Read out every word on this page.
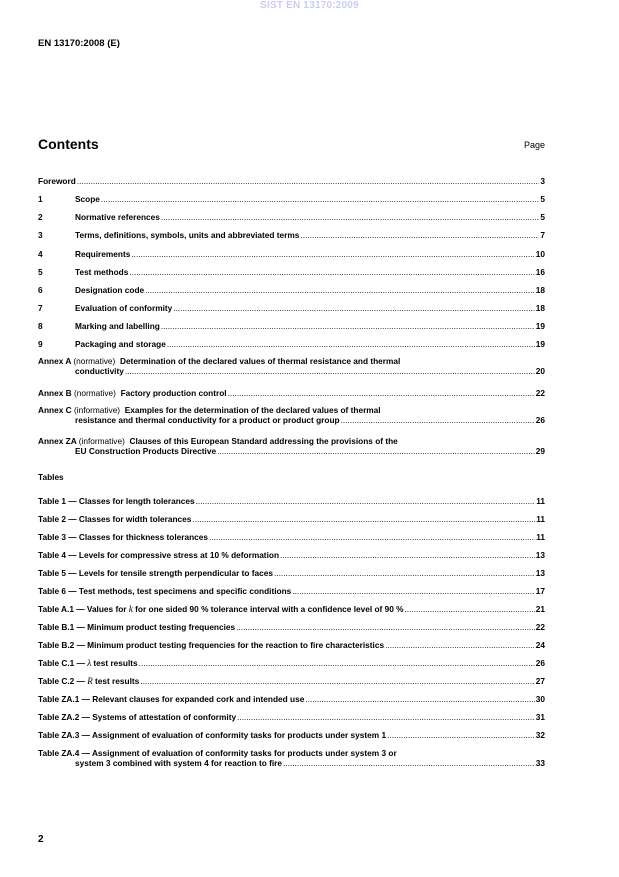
SIST EN 13170:2009
EN 13170:2008 (E)
Contents	Page
Foreword .....	3
1	Scope .....	5
2	Normative references .....	5
3	Terms, definitions, symbols, units and abbreviated terms .....	7
4	Requirements .....	10
5	Test methods .....	16
6	Designation code .....	18
7	Evaluation of conformity .....	18
8	Marking and labelling .....	19
9	Packaging and storage .....	19
Annex A (normative) Determination of the declared values of thermal resistance and thermal
conductivity .....	20
Annex B (normative) Factory production control .....	22
Annex C (informative) Examples for the determination of the declared values of thermal
resistance and thermal conductivity for a product or product group .....	26
Annex ZA (informative) Clauses of this European Standard addressing the provisions of the
EU Construction Products Directive .....	29
Tables
Table 1 — Classes for length tolerances .....	11
Table 2 — Classes for width tolerances .....	11
Table 3 — Classes for thickness tolerances .....	11
Table 4 — Levels for compressive stress at 10 % deformation .....	13
Table 5 — Levels for tensile strength perpendicular to faces .....	13
Table 6 — Test methods, test specimens and specific conditions .....	17
Table A.1 — Values for k for one sided 90 % tolerance interval with a confidence level of 90 % .....	21
Table B.1 — Minimum product testing frequencies .....	22
Table B.2 — Minimum product testing frequencies for the reaction to fire characteristics .....	24
Table C.1 — λ test results .....	26
Table C.2 — R test results .....	27
Table ZA.1 — Relevant clauses for expanded cork and intended use .....	30
Table ZA.2 — Systems of attestation of conformity .....	31
Table ZA.3 — Assignment of evaluation of conformity tasks for products under system 1 .....	32
Table ZA.4 — Assignment of evaluation of conformity tasks for products under system 3 or
system 3 combined with system 4 for reaction to fire .....	33
2
